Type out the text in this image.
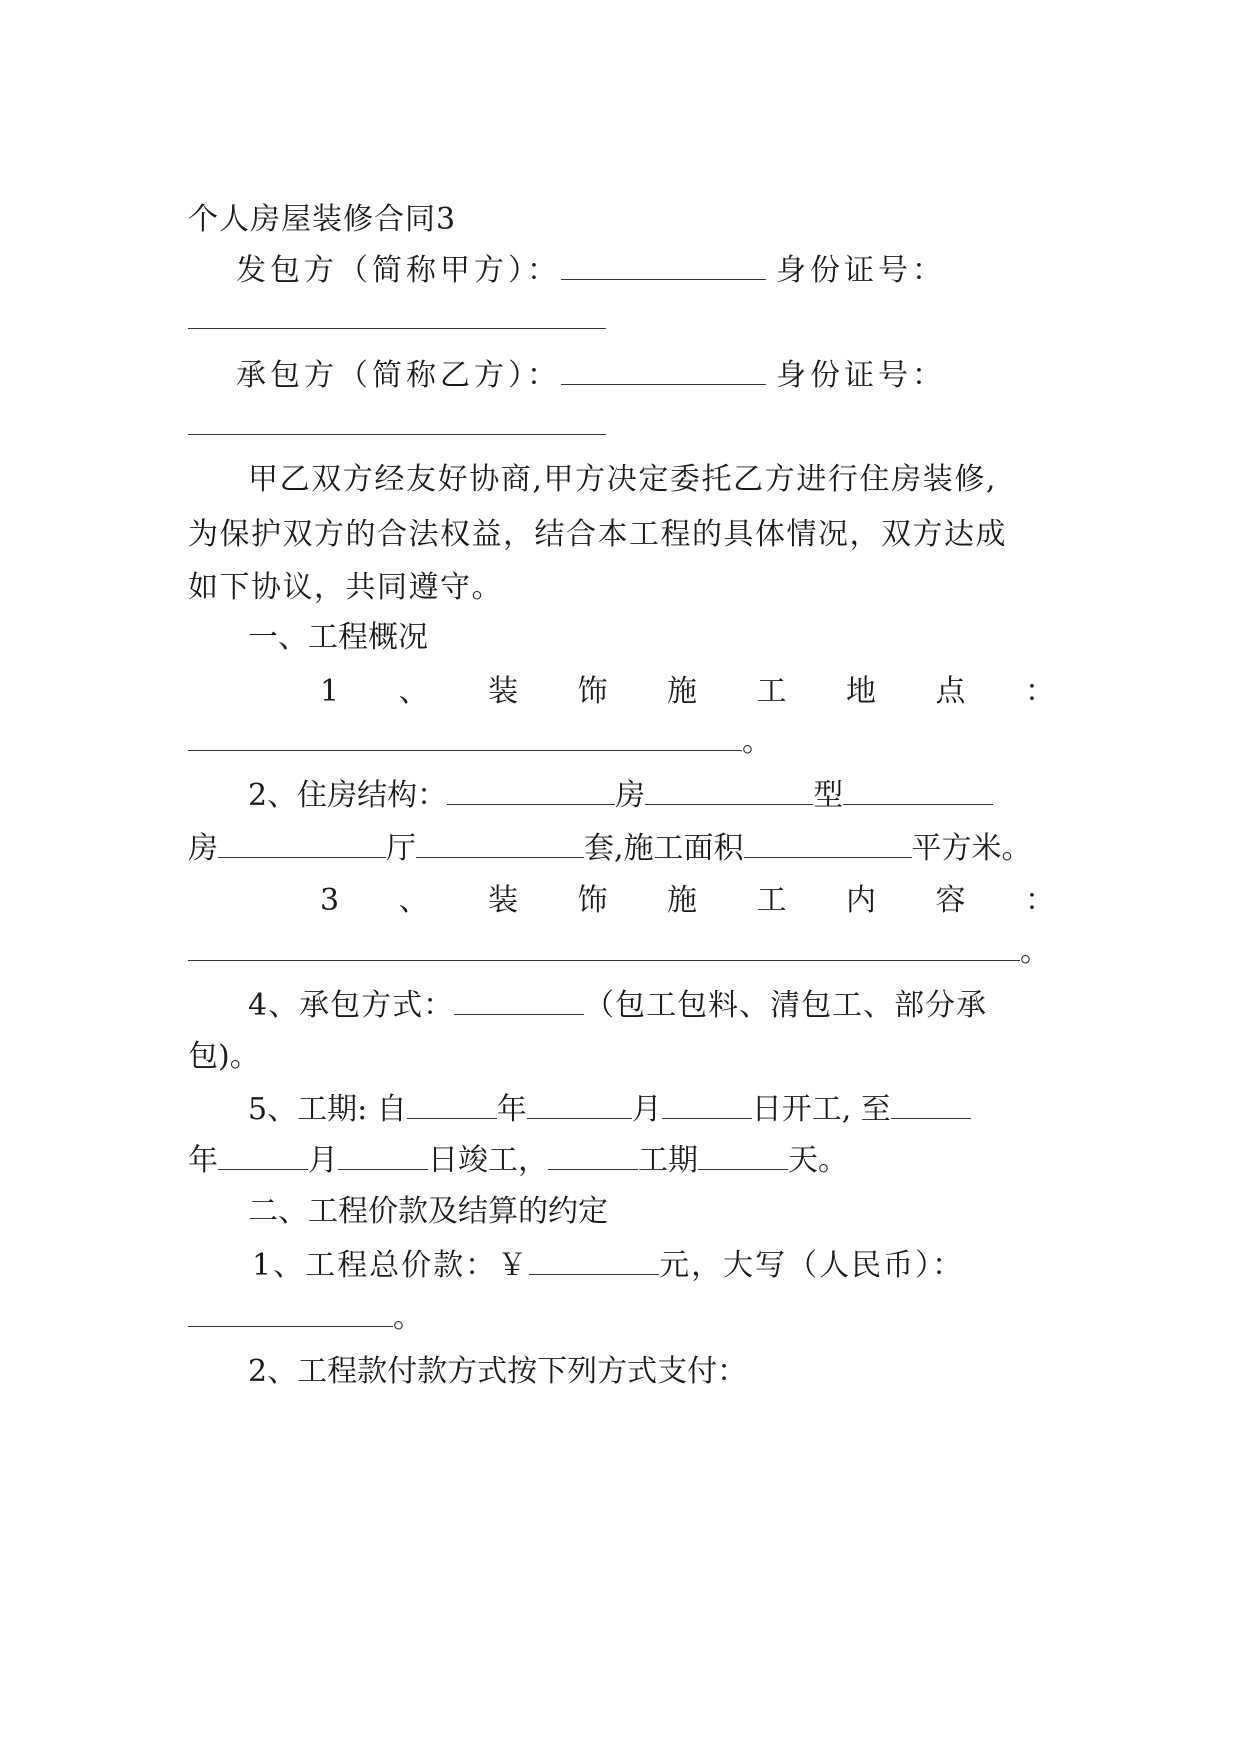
个人房屋装修合同3
发包方（简称甲方）：	身份证号：
承包方（简称乙方）：	身份证号：
甲乙双方经友好协商,甲方决定委托乙方进行住房装修,
为保护双方的合法权益，结合本工程的具体情况，双方达成
如下协议，共同遵守。
一、工程概况
1 、 装 饰 施 工 地 点 ：
。
2、住房结构：	房	型
房	厅	套,施工面积	平方米。
3 、 装 饰 施 工 内 容 ：
。
4、承包方式：	（包工包料、清包工、部分承
包)。
5、工期: 自	年	月	日开工, 至
年	月	日竣工，	工期	天。
二、工程价款及结算的约定
1、工程总价款：￥	元，大写（人民币）：
。
2、工程款付款方式按下列方式支付：
